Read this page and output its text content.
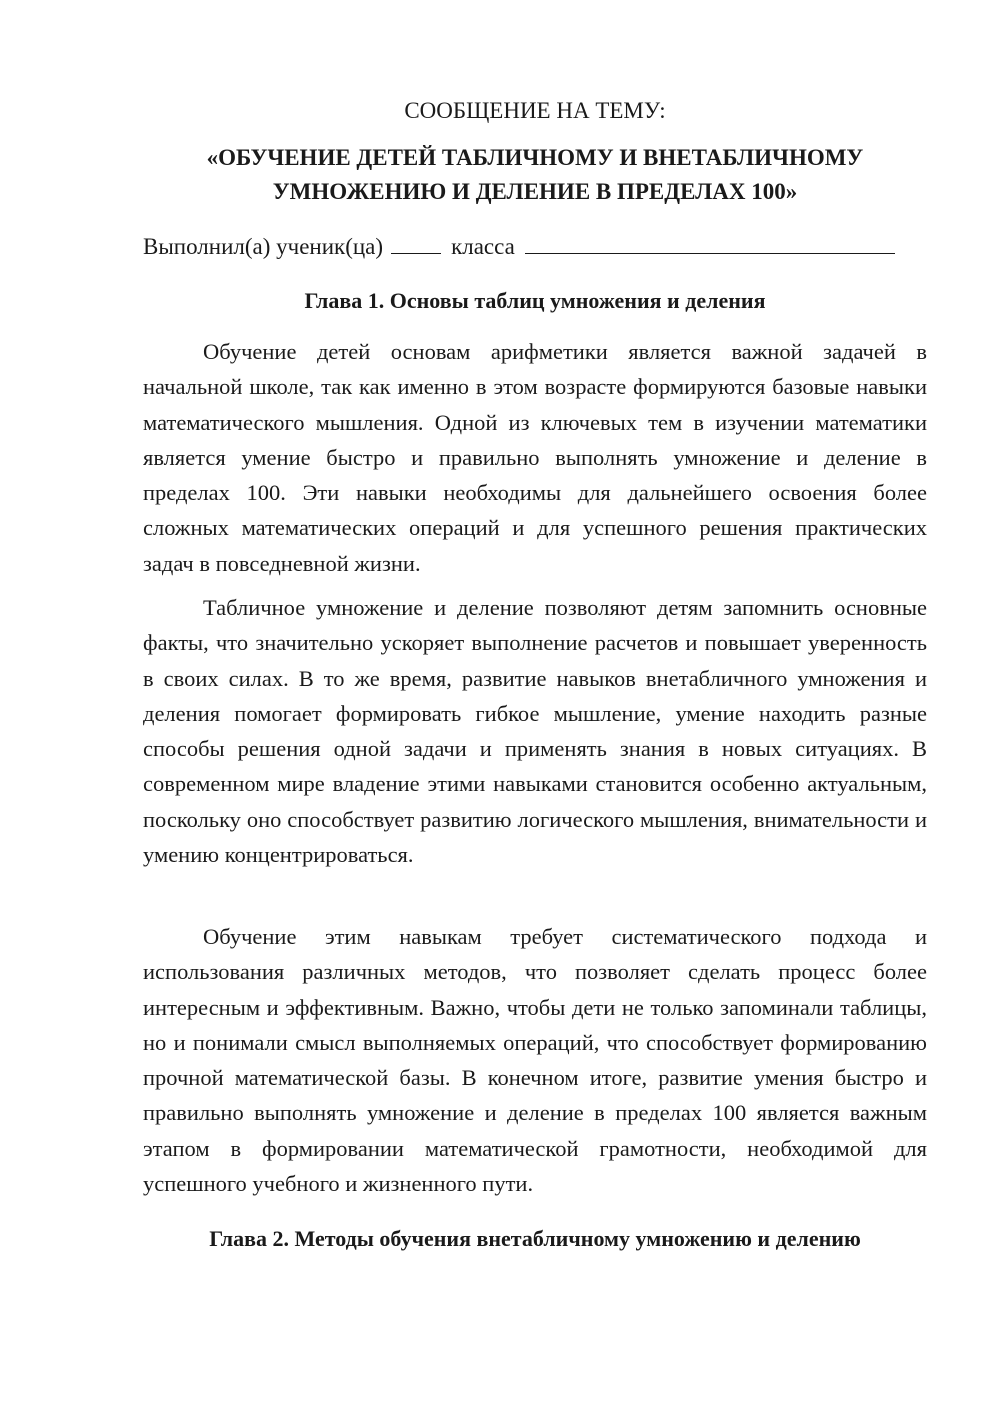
СООБЩЕНИЕ НА ТЕМУ:
«ОБУЧЕНИЕ ДЕТЕЙ ТАБЛИЧНОМУ И ВНЕТАБЛИЧНОМУ
УМНОЖЕНИЮ И ДЕЛЕНИЕ В ПРЕДЕЛАХ 100»
Выполнил(а) ученик(ца)	класса
Глава 1. Основы таблиц умножения и деления

Обучение детей основам арифметики является важной задачей в начальной школе, так как именно в этом возрасте формируются базовые навыки математического мышления. Одной из ключевых тем в изучении математики является умение быстро и правильно выполнять умножение и деление в пределах 100. Эти навыки необходимы для дальнейшего освоения более сложных математических операций и для успешного решения практических задач в повседневной жизни.

Табличное умножение и деление позволяют детям запомнить основные факты, что значительно ускоряет выполнение расчетов и повышает уверенность в своих силах. В то же время, развитие навыков внетабличного умножения и деления помогает формировать гибкое мышление, умение находить разные способы решения одной задачи и применять знания в новых ситуациях. В современном мире владение этими навыками становится особенно актуальным, поскольку оно способствует развитию логического мышления, внимательности и умению концентрироваться.

Обучение этим навыкам требует систематического подхода и использования различных методов, что позволяет сделать процесс более интересным и эффективным. Важно, чтобы дети не только запоминали таблицы, но и понимали смысл выполняемых операций, что способствует формированию прочной математической базы. В конечном итоге, развитие умения быстро и правильно выполнять умножение и деление в пределах 100 является важным этапом в формировании математической грамотности, необходимой для успешного учебного и жизненного пути.

Глава 2. Методы обучения внетабличному умножению и делению
